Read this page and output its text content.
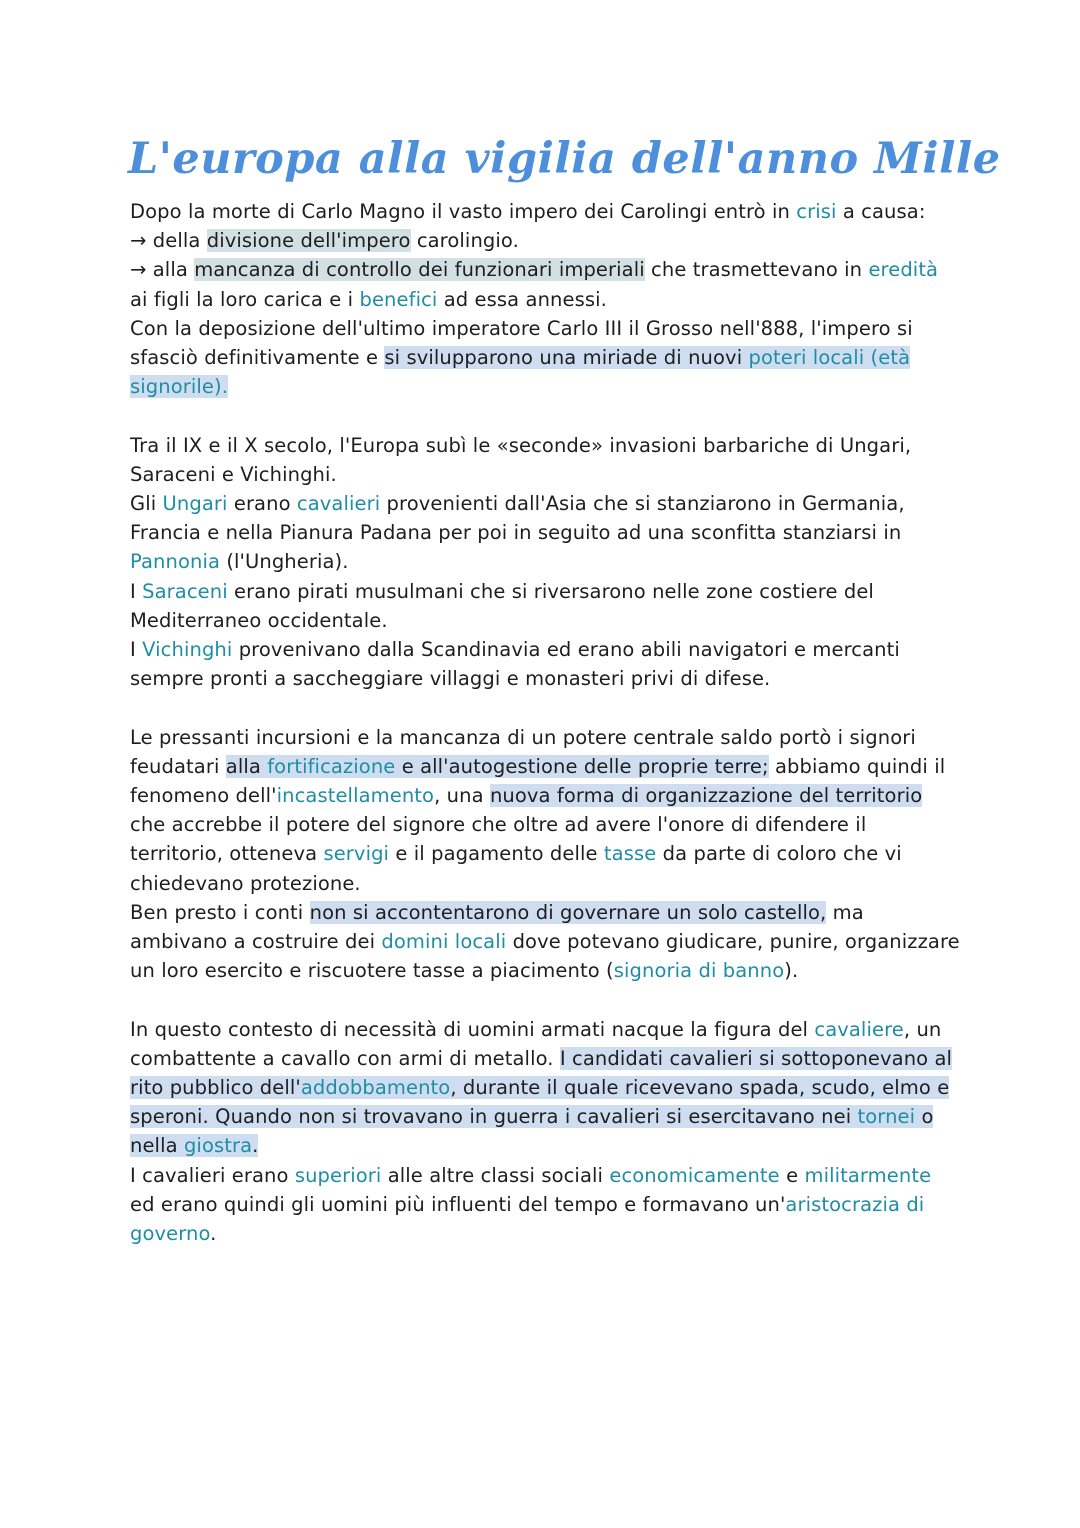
L'europa alla vigilia dell'anno Mille

Dopo la morte di Carlo Magno il vasto impero dei Carolingi entrò in crisi a causa:

→ della divisione dell'impero carolingio.

→ alla mancanza di controllo dei funzionari imperiali che trasmettevano in eredità ai figli la loro carica e i benefici ad essa annessi.

Con la deposizione dell'ultimo imperatore Carlo III il Grosso nell'888, l'impero si sfasciò definitivamente e si svilupparono una miriade di nuovi poteri locali (età signorile).

Tra il IX e il X secolo, l'Europa subì le «seconde» invasioni barbariche di Ungari, Saraceni e Vichinghi.

Gli Ungari erano cavalieri provenienti dall'Asia che si stanziarono in Germania, Francia e nella Pianura Padana per poi in seguito ad una sconfitta stanziarsi in Pannonia (l'Ungheria).

I Saraceni erano pirati musulmani che si riversarono nelle zone costiere del Mediterraneo occidentale.

I Vichinghi provenivano dalla Scandinavia ed erano abili navigatori e mercanti sempre pronti a saccheggiare villaggi e monasteri privi di difese.

Le pressanti incursioni e la mancanza di un potere centrale saldo portò i signori feudatari alla fortificazione e all'autogestione delle proprie terre; abbiamo quindi il fenomeno dell'incastellamento, una nuova forma di organizzazione del territorio che accrebbe il potere del signore che oltre ad avere l'onore di difendere il territorio, otteneva servigi e il pagamento delle tasse da parte di coloro che vi chiedevano protezione.

Ben presto i conti non si accontentarono di governare un solo castello, ma ambivano a costruire dei domini locali dove potevano giudicare, punire, organizzare un loro esercito e riscuotere tasse a piacimento (signoria di banno).

In questo contesto di necessità di uomini armati nacque la figura del cavaliere, un combattente a cavallo con armi di metallo. I candidati cavalieri si sottoponevano al rito pubblico dell'addobbamento, durante il quale ricevevano spada, scudo, elmo e speroni. Quando non si trovavano in guerra i cavalieri si esercitavano nei tornei o nella giostra.

I cavalieri erano superiori alle altre classi sociali economicamente e militarmente ed erano quindi gli uomini più influenti del tempo e formavano un'aristocrazia di governo.
